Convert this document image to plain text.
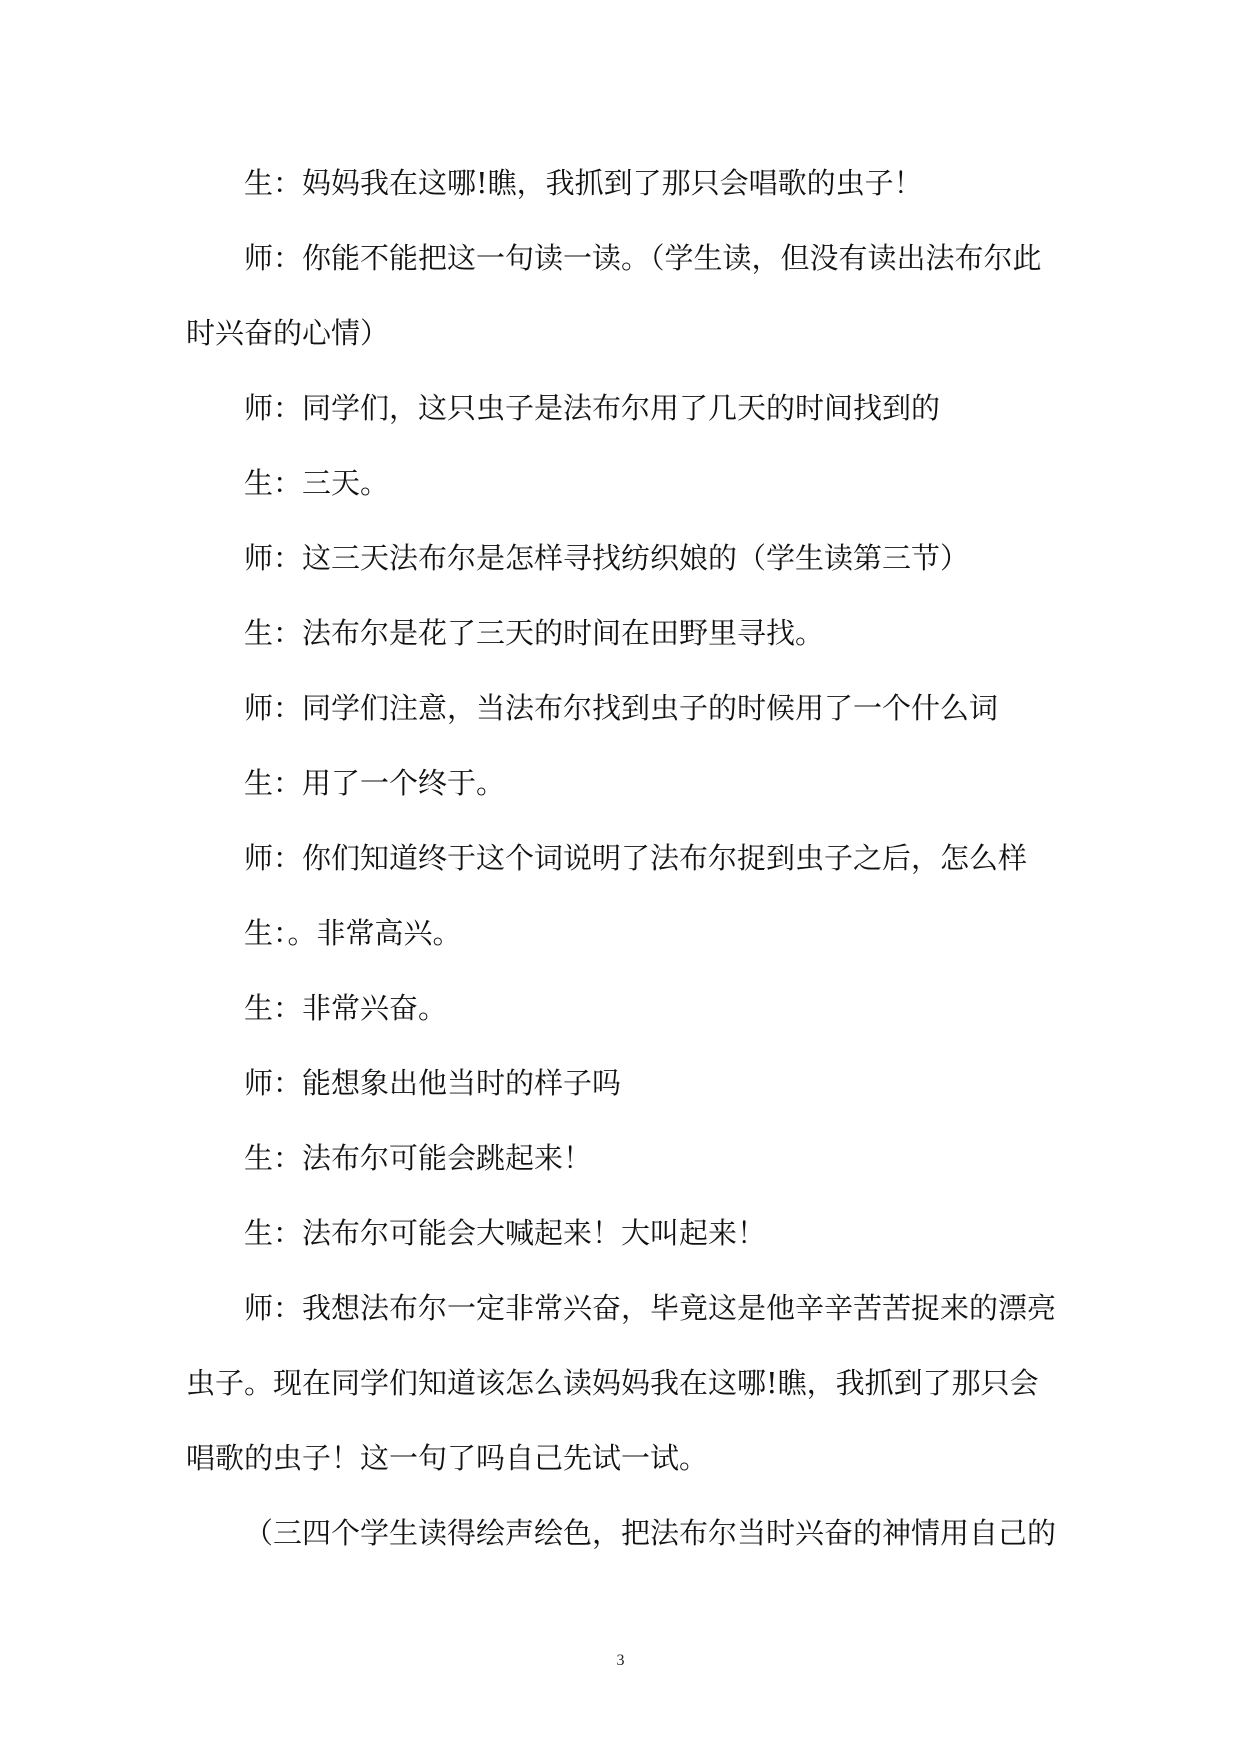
生：妈妈我在这哪!瞧，我抓到了那只会唱歌的虫子！

师：你能不能把这一句读一读。（学生读，但没有读出法布尔此时兴奋的心情）

师：同学们，这只虫子是法布尔用了几天的时间找到的

生：三天。

师：这三天法布尔是怎样寻找纺织娘的（学生读第三节）

生：法布尔是花了三天的时间在田野里寻找。

师：同学们注意，当法布尔找到虫子的时候用了一个什么词

生：用了一个终于。

师：你们知道终于这个词说明了法布尔捉到虫子之后，怎么样

生：。非常高兴。

生：非常兴奋。

师：能想象出他当时的样子吗

生：法布尔可能会跳起来！

生：法布尔可能会大喊起来！大叫起来！

师：我想法布尔一定非常兴奋，毕竟这是他辛辛苦苦捉来的漂亮虫子。现在同学们知道该怎么读妈妈我在这哪!瞧，我抓到了那只会唱歌的虫子！这一句了吗自己先试一试。

（三四个学生读得绘声绘色，把法布尔当时兴奋的神情用自己的

3
